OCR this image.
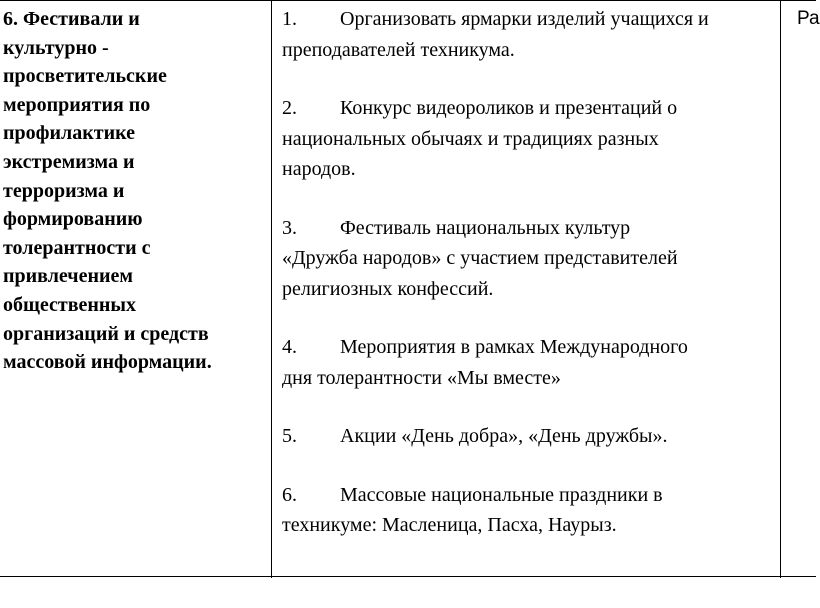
6. Фестивали и
культурно -
просветительские
мероприятия по
профилактике
экстремизма и
терроризма и
формированию
толерантности с
привлечением
общественных
организаций и средств
массовой информации.

1. Организовать ярмарки изделий учащихся и
преподавателей техникума.

2. Конкурс видеороликов и презентаций о
национальных обычаях и традициях разных
народов.

3. Фестиваль национальных культур
«Дружба народов» с участием представителей
религиозных конфессий.

4. Мероприятия в рамках Международного
дня толерантности «Мы вместе»

5. Акции «День добра», «День дружбы».

6. Массовые национальные праздники в
техникуме: Масленица, Пасха, Наурыз.

Ра
